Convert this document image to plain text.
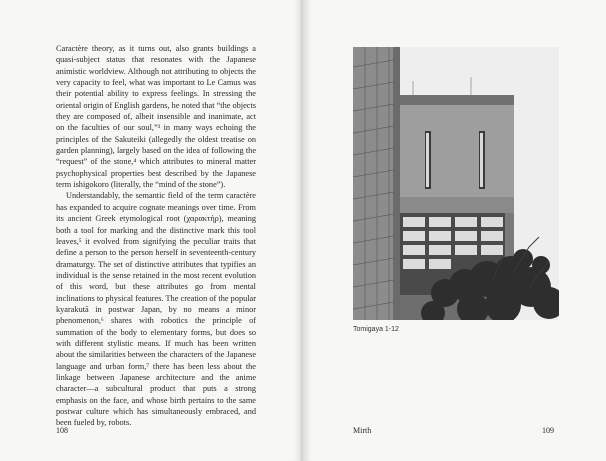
Caractère theory, as it turns out, also grants buildings a quasi-subject status that resonates with the Japanese animistic worldview. Although not attributing to objects the very capacity to feel, what was important to Le Camus was their potential ability to express feelings. In stressing the oriental origin of English gardens, he noted that “the objects they are composed of, albeit insensible and inanimate, act on the faculties of our soul,”³ in many ways echoing the principles of the Sakuteiki (allegedly the oldest treatise on garden planning), largely based on the idea of following the “request” of the stone,⁴ which attributes to mineral matter psychophysical properties best described by the Japanese term ishigokoro (literally, the “mind of the stone”).

Understandably, the semantic field of the term caractère has expanded to acquire cognate meanings over time. From its ancient Greek etymological root (χαρακτήρ), meaning both a tool for marking and the distinctive mark this tool leaves,⁵ it evolved from signifying the peculiar traits that define a person to the person herself in seventeenth-century dramaturgy. The set of distinctive attributes that typifies an individual is the sense retained in the most recent evolution of this word, but these attributes go from mental inclinations to physical features. The creation of the popular kyarakutā in postwar Japan, by no means a minor phenomenon,⁶ shares with robotics the principle of summation of the body to elementary forms, but does so with different stylistic means. If much has been written about the similarities between the characters of the Japanese language and urban form,⁷ there has been less about the linkage between Japanese architecture and the anime character—a subcultural product that puts a strong emphasis on the face, and whose birth pertains to the same postwar culture which has simultaneously embraced, and been fueled by, robots.

108
Tomigaya 1-12
Mirth	109
